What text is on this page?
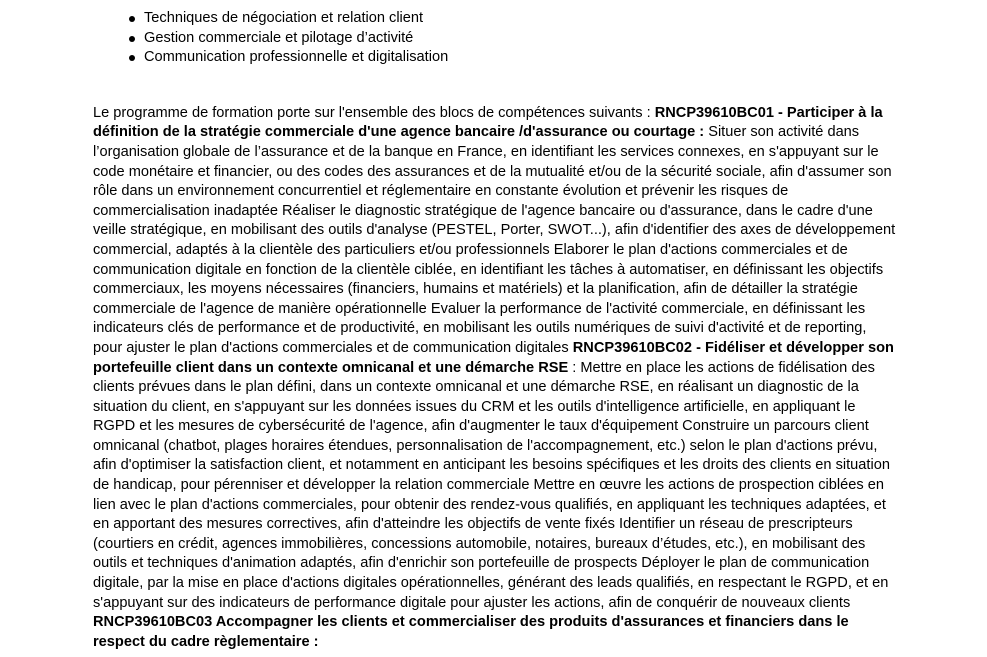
Techniques de négociation et relation client
Gestion commerciale et pilotage d’activité
Communication professionnelle et digitalisation

Le programme de formation porte sur l'ensemble des blocs de compétences suivants : RNCP39610BC01 - Participer à la définition de la stratégie commerciale d'une agence bancaire /d'assurance ou courtage : Situer son activité dans l’organisation globale de l’assurance et de la banque en France, en identifiant les services connexes, en s'appuyant sur le code monétaire et financier, ou des codes des assurances et de la mutualité et/ou de la sécurité sociale, afin d'assumer son rôle dans un environnement concurrentiel et réglementaire en constante évolution et prévenir les risques de commercialisation inadaptée Réaliser le diagnostic stratégique de l'agence bancaire ou d'assurance, dans le cadre d'une veille stratégique, en mobilisant des outils d'analyse (PESTEL, Porter, SWOT...), afin d'identifier des axes de développement commercial, adaptés à la clientèle des particuliers et/ou professionnels Elaborer le plan d'actions commerciales et de communication digitale en fonction de la clientèle ciblée, en identifiant les tâches à automatiser, en définissant les objectifs commerciaux, les moyens nécessaires (financiers, humains et matériels) et la planification, afin de détailler la stratégie commerciale de l'agence de manière opérationnelle Evaluer la performance de l'activité commerciale, en définissant les indicateurs clés de performance et de productivité, en mobilisant les outils numériques de suivi d'activité et de reporting, pour ajuster le plan d'actions commerciales et de communication digitales RNCP39610BC02 - Fidéliser et développer son portefeuille client dans un contexte omnicanal et une démarche RSE : Mettre en place les actions de fidélisation des clients prévues dans le plan défini, dans un contexte omnicanal et une démarche RSE, en réalisant un diagnostic de la situation du client, en s'appuyant sur les données issues du CRM et les outils d'intelligence artificielle, en appliquant le RGPD et les mesures de cybersécurité de l'agence, afin d'augmenter le taux d'équipement Construire un parcours client omnicanal (chatbot, plages horaires étendues, personnalisation de l'accompagnement, etc.) selon le plan d'actions prévu, afin d'optimiser la satisfaction client, et notamment en anticipant les besoins spécifiques et les droits des clients en situation de handicap, pour pérenniser et développer la relation commerciale Mettre en œuvre les actions de prospection ciblées en lien avec le plan d'actions commerciales, pour obtenir des rendez-vous qualifiés, en appliquant les techniques adaptées, et en apportant des mesures correctives, afin d'atteindre les objectifs de vente fixés Identifier un réseau de prescripteurs (courtiers en crédit, agences immobilières, concessions automobile, notaires, bureaux d’études, etc.), en mobilisant des outils et techniques d'animation adaptés, afin d'enrichir son portefeuille de prospects Déployer le plan de communication digitale, par la mise en place d'actions digitales opérationnelles, générant des leads qualifiés, en respectant le RGPD, et en s'appuyant sur des indicateurs de performance digitale pour ajuster les actions, afin de conquérir de nouveaux clients RNCP39610BC03 Accompagner les clients et commercialiser des produits d'assurances et financiers dans le respect du cadre règlementaire :
